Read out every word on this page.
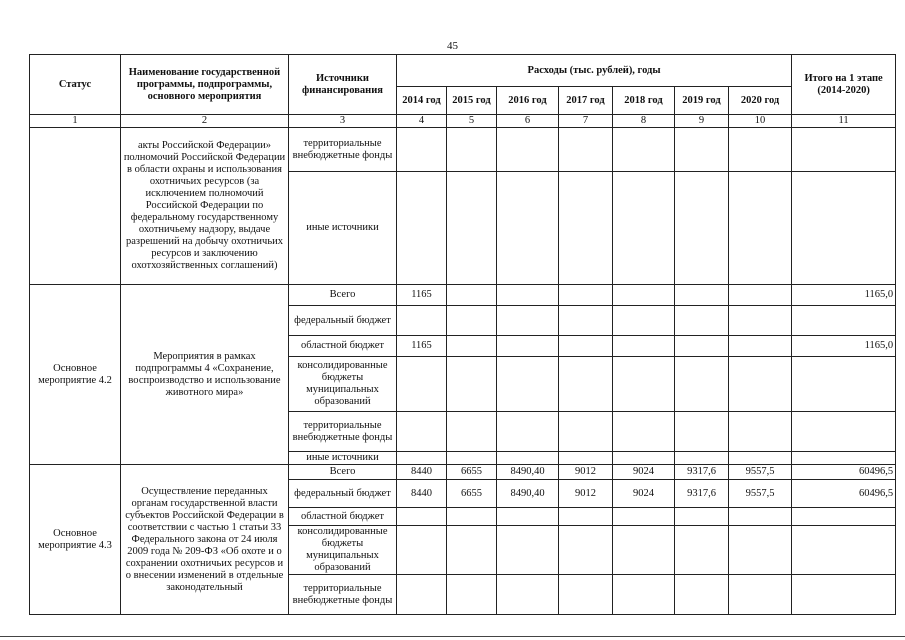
45
Статус	Наименование государственной программы, подпрограммы, основного мероприятия	Источники финансирования	Расходы (тыс. рублей), годы							Итого на 1 этапе (2014-2020)
			2014 год	2015 год	2016 год	2017 год	2018 год	2019 год	2020 год	
1	2	3	4	5	6	7	8	9	10	11
	акты Российской Федерации» полномочий Российской Федерации в области охраны и использования охотничьих ресурсов (за исключением полномочий Российской Федерации по федеральному государственному охотничьему надзору, выдаче разрешений на добычу охотничьих ресурсов и заключению охотхозяйственных соглашений)	территориальные внебюджетные фонды								
		иные источники								
Основное мероприятие 4.2	Мероприятия в рамках подпрограммы 4 «Сохранение, воспроизводство и использование животного мира»	Всего	1165							1165,0
		федеральный бюджет								
		областной бюджет	1165							1165,0
		консолидированные бюджеты муниципальных образований								
		территориальные внебюджетные фонды								
		иные источники								
Основное мероприятие 4.3	Осуществление переданных органам государственной власти субъектов Российской Федерации в соответствии с частью 1 статьи 33 Федерального закона от 24 июля 2009 года № 209-ФЗ «Об охоте и о сохранении охотничьих ресурсов и о внесении изменений в отдельные законодательный	Всего	8440	6655	8490,40	9012	9024	9317,6	9557,5	60496,5
		федеральный бюджет	8440	6655	8490,40	9012	9024	9317,6	9557,5	60496,5
		областной бюджет								
		консолидированные бюджеты муниципальных образований								
		территориальные внебюджетные фонды								
